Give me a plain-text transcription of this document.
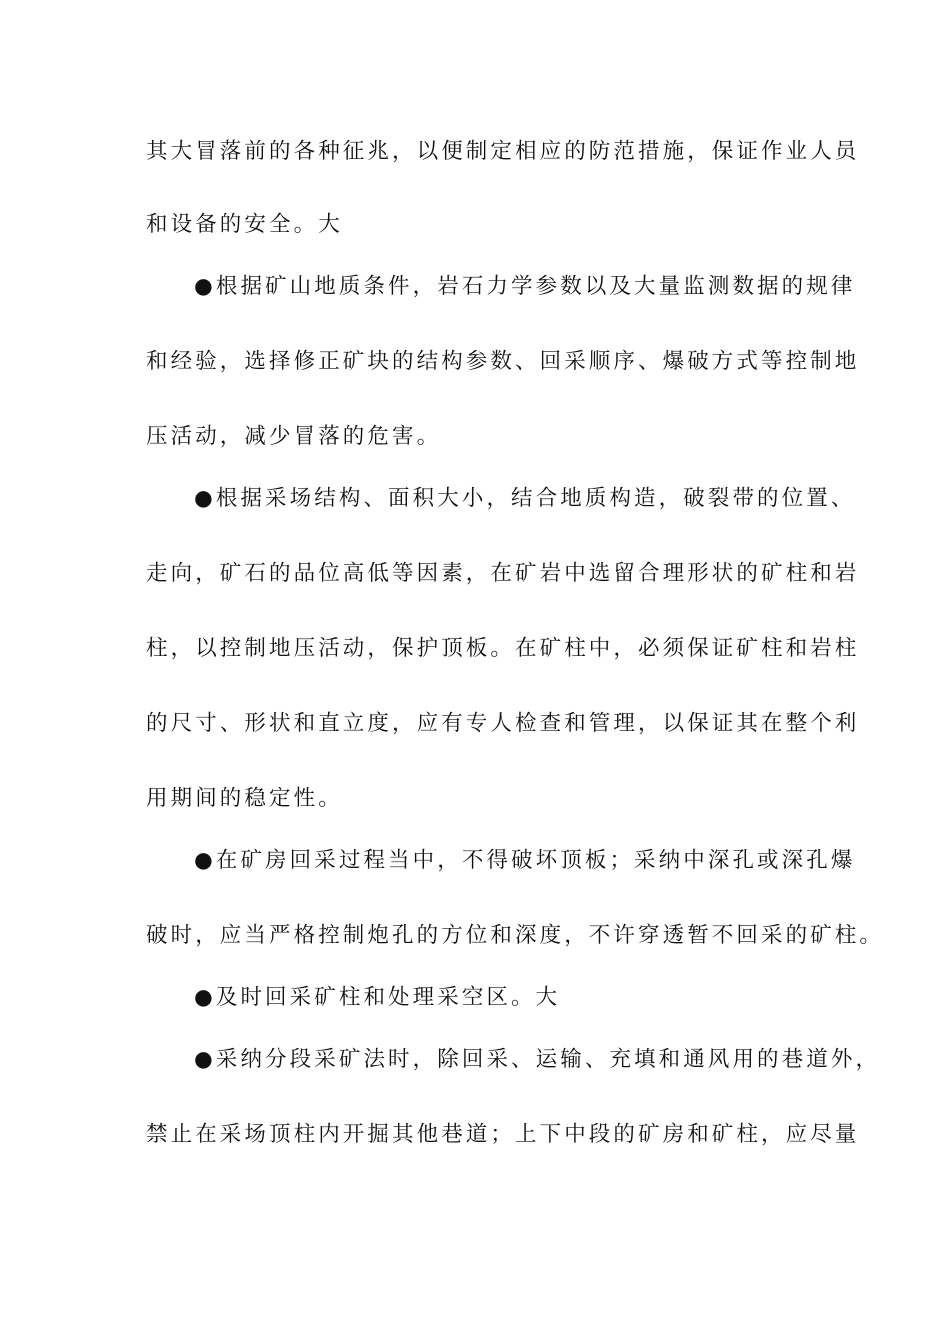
其大冒落前的各种征兆，以便制定相应的防范措施，保证作业人员

和设备的安全。大

●根据矿山地质条件，岩石力学参数以及大量监测数据的规律

和经验，选择修正矿块的结构参数、回采顺序、爆破方式等控制地

压活动，减少冒落的危害。

●根据采场结构、面积大小，结合地质构造，破裂带的位置、

走向，矿石的品位高低等因素，在矿岩中选留合理形状的矿柱和岩

柱，以控制地压活动，保护顶板。在矿柱中，必须保证矿柱和岩柱

的尺寸、形状和直立度，应有专人检查和管理，以保证其在整个利

用期间的稳定性。

●在矿房回采过程当中，不得破坏顶板；采纳中深孔或深孔爆

破时，应当严格控制炮孔的方位和深度，不许穿透暂不回采的矿柱。

●及时回采矿柱和处理采空区。大

●采纳分段采矿法时，除回采、运输、充填和通风用的巷道外，

禁止在采场顶柱内开掘其他巷道；上下中段的矿房和矿柱，应尽量
